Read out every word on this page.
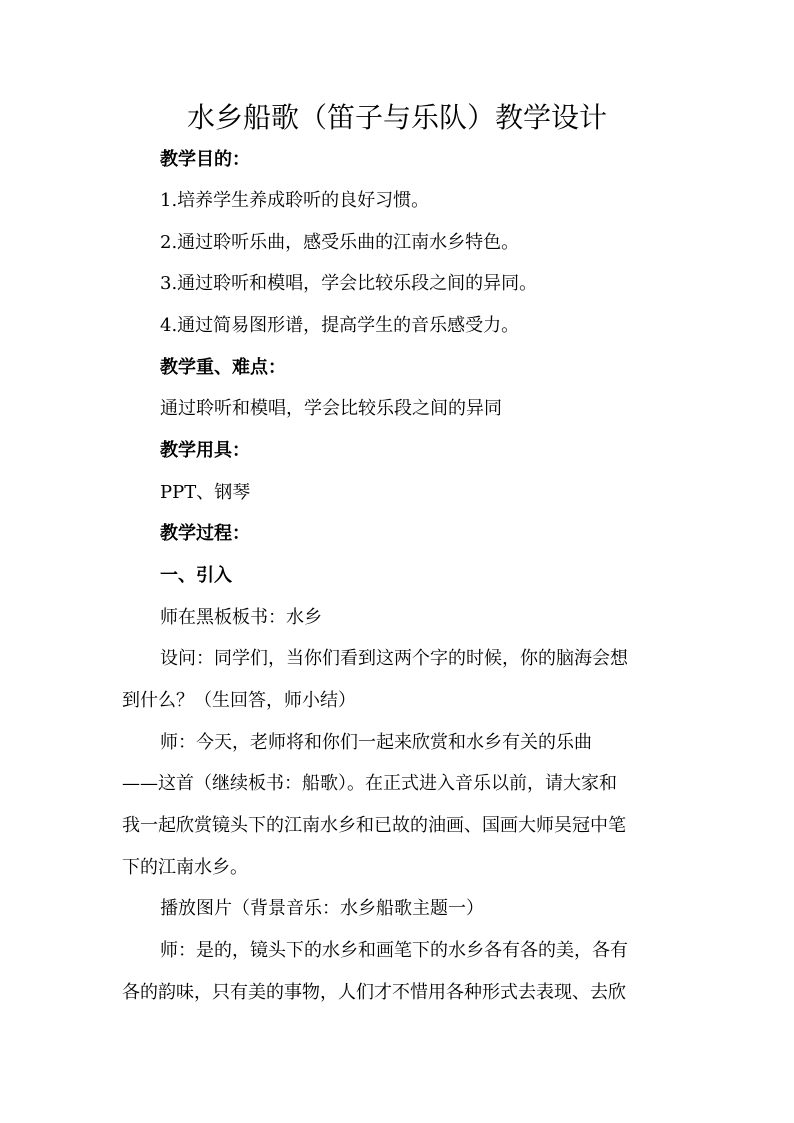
水乡船歌（笛子与乐队）教学设计
教学目的：
1.培养学生养成聆听的良好习惯。
2.通过聆听乐曲，感受乐曲的江南水乡特色。
3.通过聆听和模唱，学会比较乐段之间的异同。
4.通过简易图形谱，提高学生的音乐感受力。
教学重、难点：
通过聆听和模唱，学会比较乐段之间的异同
教学用具：
PPT、钢琴
教学过程：
一、引入
师在黑板板书：水乡
设问：同学们，当你们看到这两个字的时候，你的脑海会想
到什么？（生回答，师小结）
师：今天，老师将和你们一起来欣赏和水乡有关的乐曲
——这首（继续板书：船歌）。在正式进入音乐以前，请大家和
我一起欣赏镜头下的江南水乡和已故的油画、国画大师吴冠中笔
下的江南水乡。
播放图片（背景音乐：水乡船歌主题一）
师：是的，镜头下的水乡和画笔下的水乡各有各的美，各有
各的韵味，只有美的事物，人们才不惜用各种形式去表现、去欣
